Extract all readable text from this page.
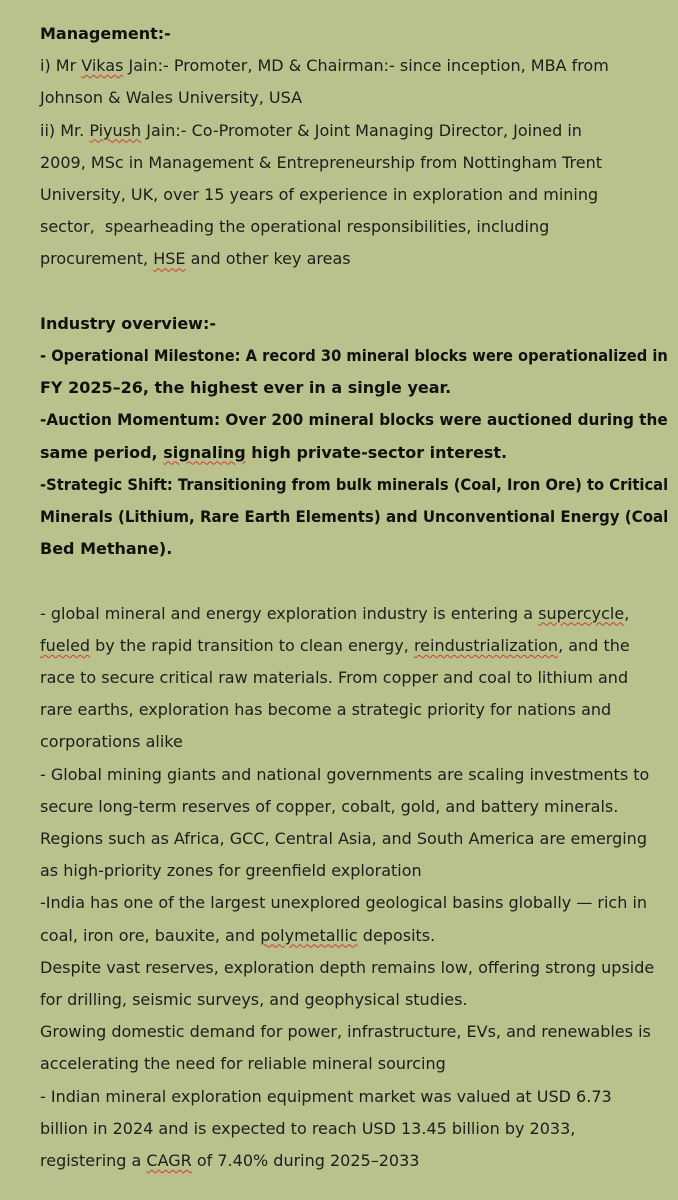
Management:-
i) Mr Vikas Jain:- Promoter, MD & Chairman:- since inception, MBA from
Johnson & Wales University, USA
ii) Mr. Piyush Jain:- Co-Promoter & Joint Managing Director, Joined in
2009, MSc in Management & Entrepreneurship from Nottingham Trent
University, UK, over 15 years of experience in exploration and mining
sector,  spearheading the operational responsibilities, including
procurement, HSE and other key areas
Industry overview:-
- Operational Milestone: A record 30 mineral blocks were operationalized in
FY 2025–26, the highest ever in a single year.
-Auction Momentum: Over 200 mineral blocks were auctioned during the
same period, signaling high private-sector interest.
-Strategic Shift: Transitioning from bulk minerals (Coal, Iron Ore) to Critical
Minerals (Lithium, Rare Earth Elements) and Unconventional Energy (Coal
Bed Methane).
- global mineral and energy exploration industry is entering a supercycle,
fueled by the rapid transition to clean energy, reindustrialization, and the
race to secure critical raw materials. From copper and coal to lithium and
rare earths, exploration has become a strategic priority for nations and
corporations alike
- Global mining giants and national governments are scaling investments to
secure long-term reserves of copper, cobalt, gold, and battery minerals.
Regions such as Africa, GCC, Central Asia, and South America are emerging
as high-priority zones for greenfield exploration
-India has one of the largest unexplored geological basins globally — rich in
coal, iron ore, bauxite, and polymetallic deposits.
Despite vast reserves, exploration depth remains low, offering strong upside
for drilling, seismic surveys, and geophysical studies.
Growing domestic demand for power, infrastructure, EVs, and renewables is
accelerating the need for reliable mineral sourcing
- Indian mineral exploration equipment market was valued at USD 6.73
billion in 2024 and is expected to reach USD 13.45 billion by 2033,
registering a CAGR of 7.40% during 2025–2033
